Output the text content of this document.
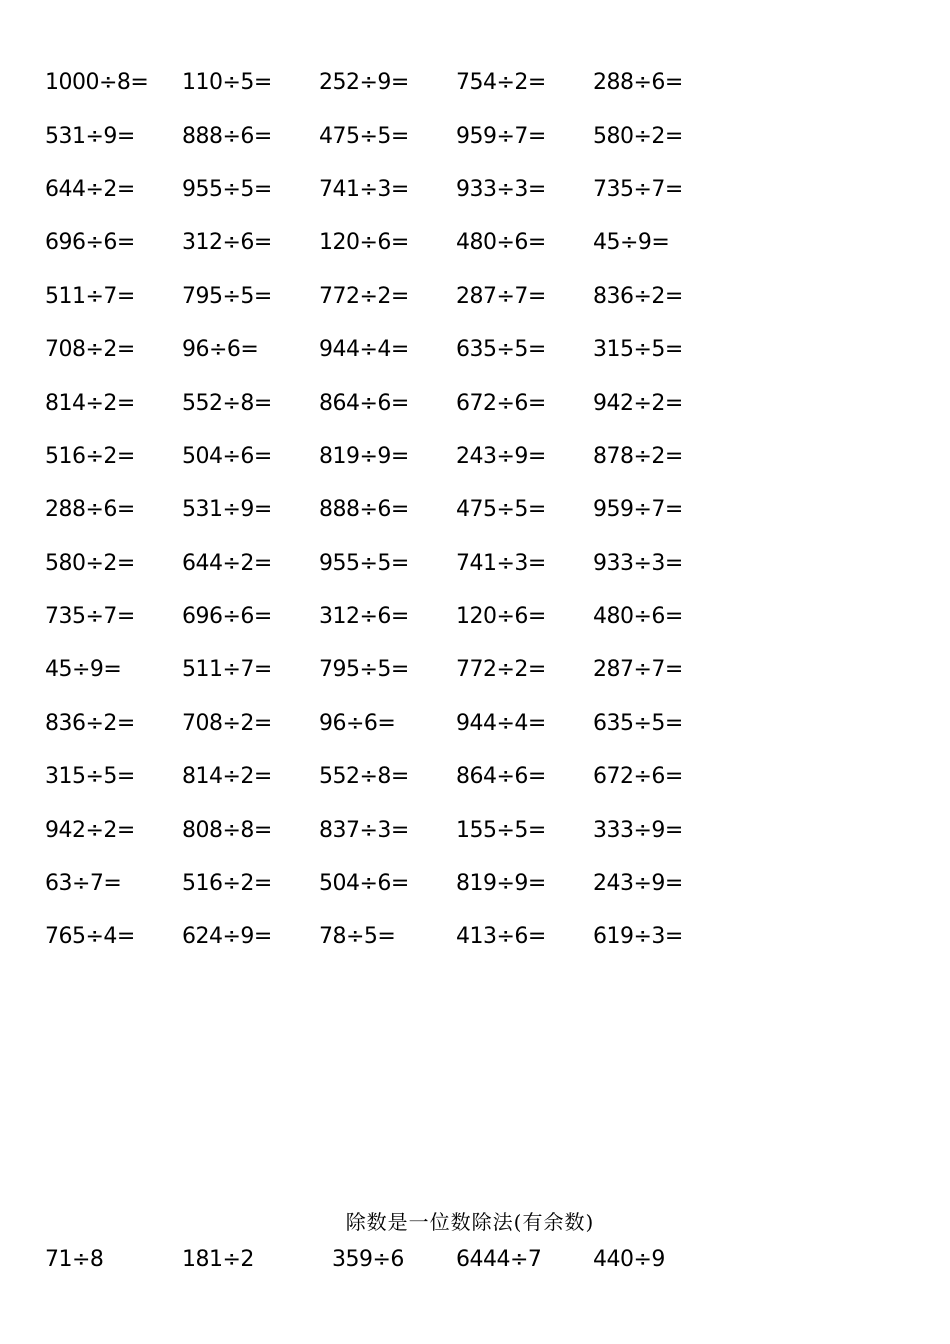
1000÷8=	110÷5=	252÷9=	754÷2=	288÷6=
531÷9=	888÷6=	475÷5=	959÷7=	580÷2=
644÷2=	955÷5=	741÷3=	933÷3=	735÷7=
696÷6=	312÷6=	120÷6=	480÷6=	45÷9=
511÷7=	795÷5=	772÷2=	287÷7=	836÷2=
708÷2=	96÷6=	944÷4=	635÷5=	315÷5=
814÷2=	552÷8=	864÷6=	672÷6=	942÷2=
516÷2=	504÷6=	819÷9=	243÷9=	878÷2=
288÷6=	531÷9=	888÷6=	475÷5=	959÷7=
580÷2=	644÷2=	955÷5=	741÷3=	933÷3=
735÷7=	696÷6=	312÷6=	120÷6=	480÷6=
45÷9=	511÷7=	795÷5=	772÷2=	287÷7=
836÷2=	708÷2=	96÷6=	944÷4=	635÷5=
315÷5=	814÷2=	552÷8=	864÷6=	672÷6=
942÷2=	808÷8=	837÷3=	155÷5=	333÷9=
63÷7=	516÷2=	504÷6=	819÷9=	243÷9=
765÷4=	624÷9=	78÷5=	413÷6=	619÷3=
除数是一位数除法(有余数)
71÷8	181÷2	359÷6	6444÷7	440÷9
